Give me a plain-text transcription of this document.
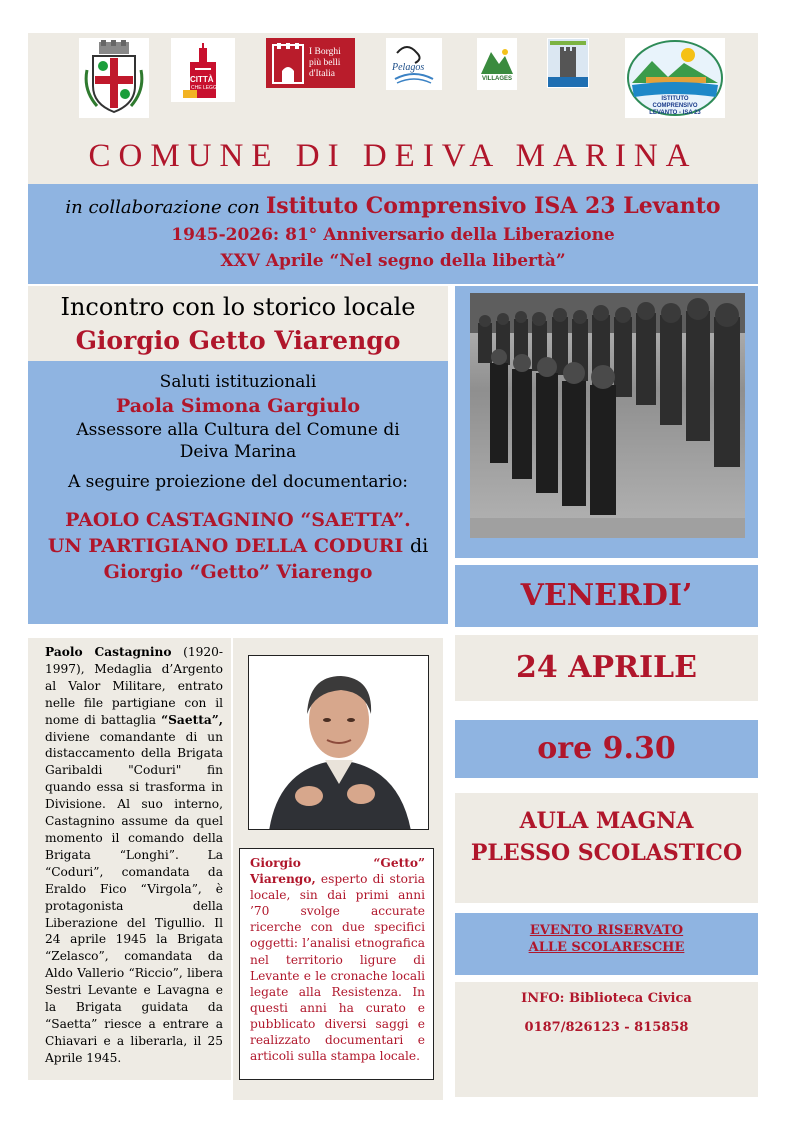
CITTÀ
CHE LEGGE
I Borghi più belli d'Italia
Pelagos
VILLAGES
ISTITUTO COMPRENSIVO LEVANTO - ISA 23
COMUNE DI DEIVA MARINA
in collaborazione con Istituto Comprensivo ISA 23 Levanto
1945-2026: 81° Anniversario della Liberazione
XXV Aprile “Nel segno della libertà”
Incontro con lo storico locale
Giorgio Getto Viarengo
Saluti istituzionali
Paola Simona Gargiulo
Assessore alla Cultura del Comune di Deiva Marina
A seguire proiezione del documentario:
PAOLO CASTAGNINO “SAETTA”.
UN PARTIGIANO DELLA CODURI di
Giorgio “Getto” Viarengo
VENERDI’
24 APRILE
ore 9.30
AULA MAGNA
PLESSO SCOLASTICO
EVENTO RISERVATO
ALLE SCOLARESCHE
INFO: Biblioteca Civica
0187/826123 - 815858
Paolo Castagnino (1920-1997), Medaglia d’Argento al Valor Militare, entrato nelle file partigiane con il nome di battaglia “Saetta”, diviene comandante di un distaccamento della Brigata Garibaldi "Coduri" fin quando essa si trasforma in Divisione. Al suo interno, Castagnino assume da quel momento il comando della Brigata “Longhi”. La “Coduri”, comandata da Eraldo Fico “Virgola”, è protagonista della Liberazione del Tigullio. Il 24 aprile 1945 la Brigata “Zelasco”, comandata da Aldo Vallerio “Riccio”, libera Sestri Levante e Lavagna e la Brigata guidata da “Saetta” riesce a entrare a Chiavari e a liberarla, il 25 Aprile 1945.
Giorgio “Getto” Viarengo, esperto di storia locale, sin dai primi anni ’70 svolge accurate ricerche con due specifici oggetti: l’analisi etnografica nel territorio ligure di Levante e le cronache locali legate alla Resistenza. In questi anni ha curato e pubblicato diversi saggi e realizzato documentari e articoli sulla stampa locale.
